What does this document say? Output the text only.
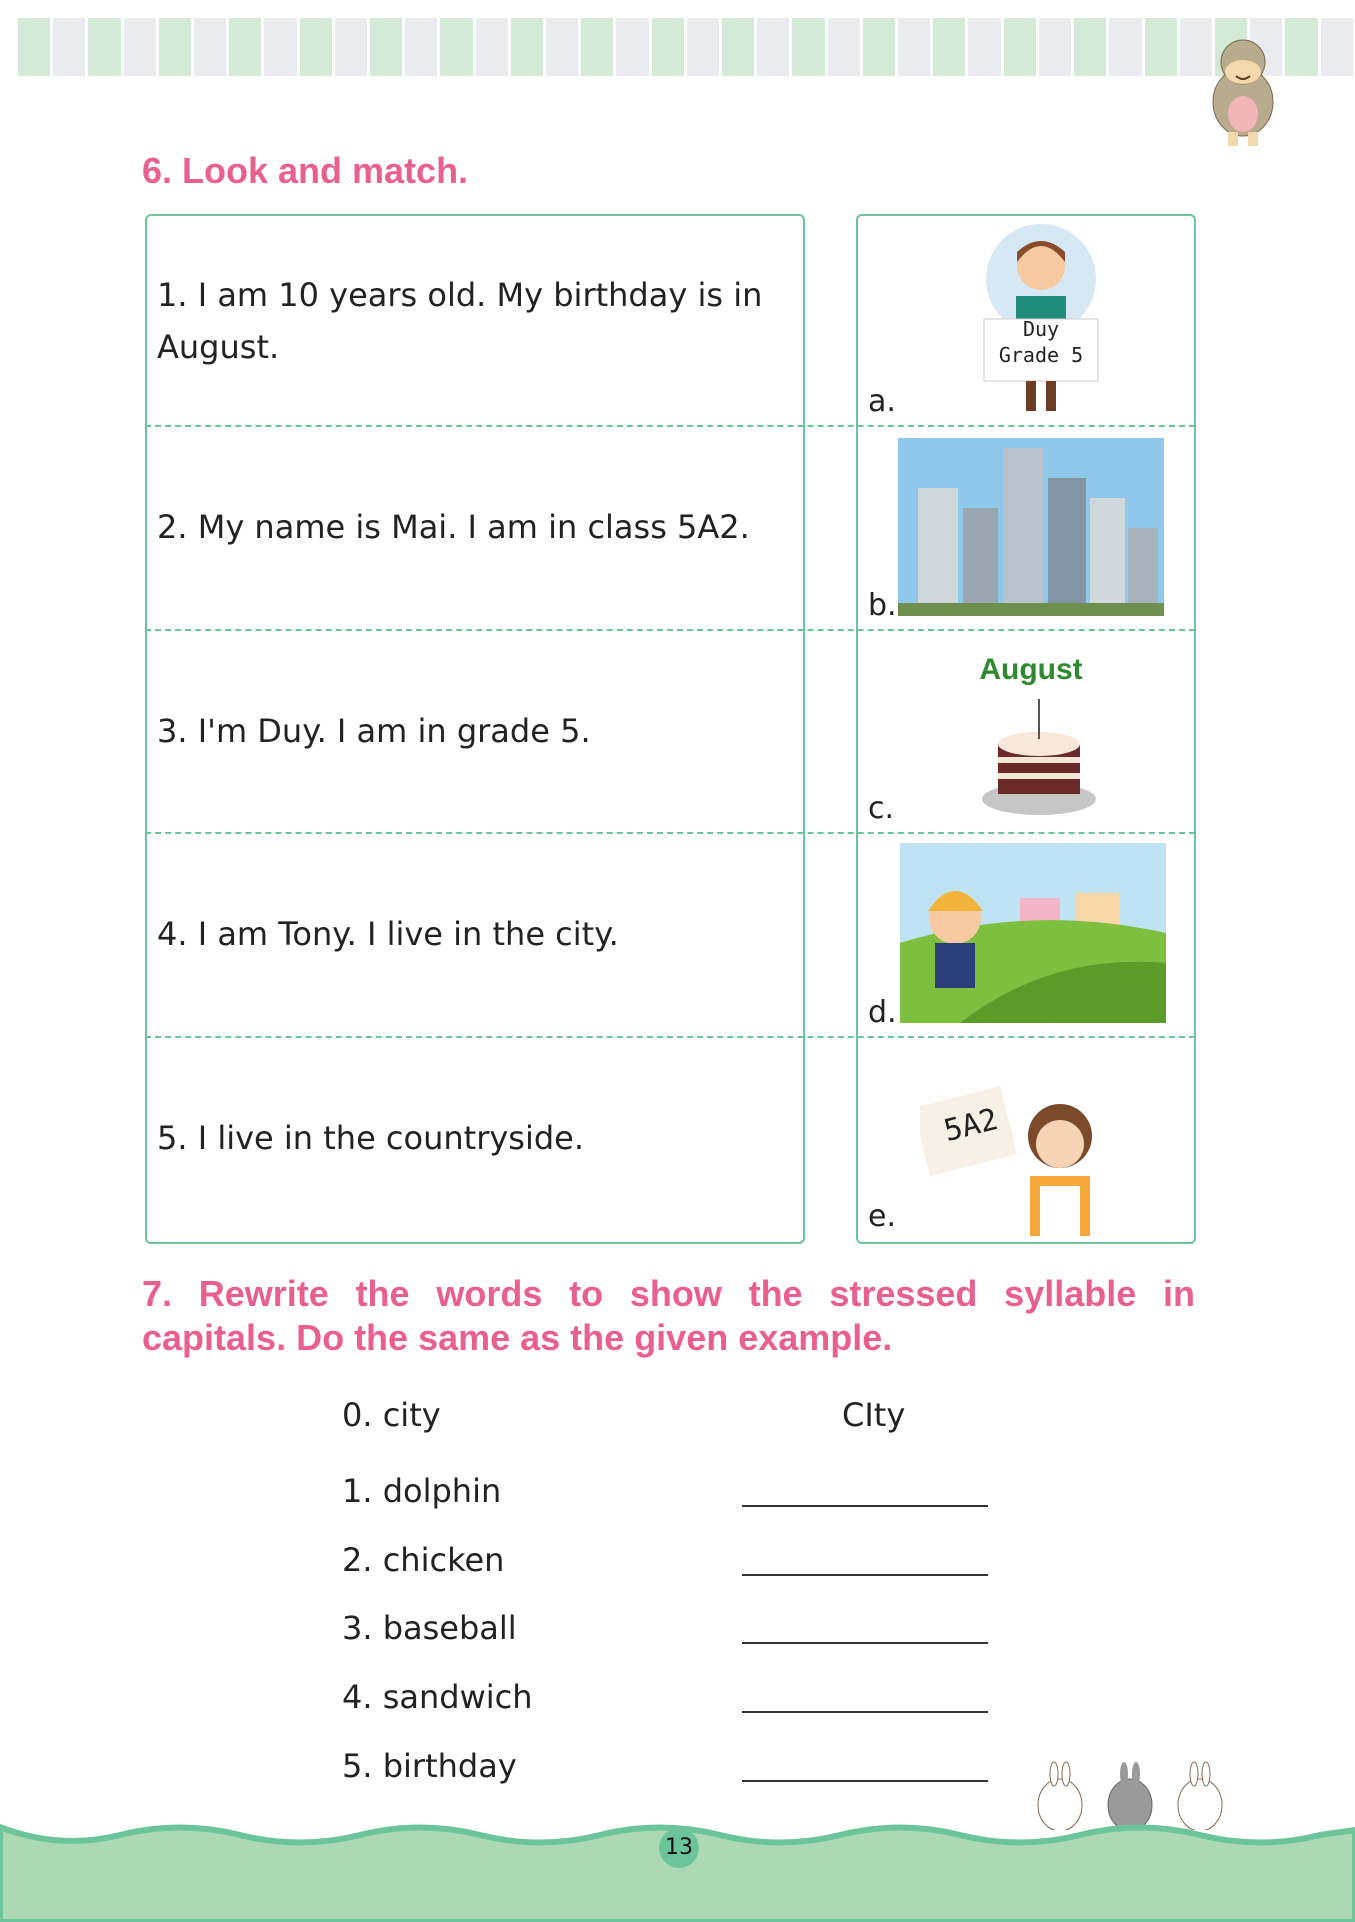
6. Look and match.
1. I am 10 years old. My birthday is in August.
2. My name is Mai. I am in class 5A2.
3. I'm Duy. I am in grade 5.
4. I am Tony. I live in the city.
5. I live in the countryside.
a.
Duy
Grade 5
b.
c.
August
d.
e.
5A2
7. Rewrite the words to show the stressed syllable in capitals. Do the same as the given example.
0. city	CIty
1. dolphin
2. chicken
3. baseball
4. sandwich
5. birthday
13
